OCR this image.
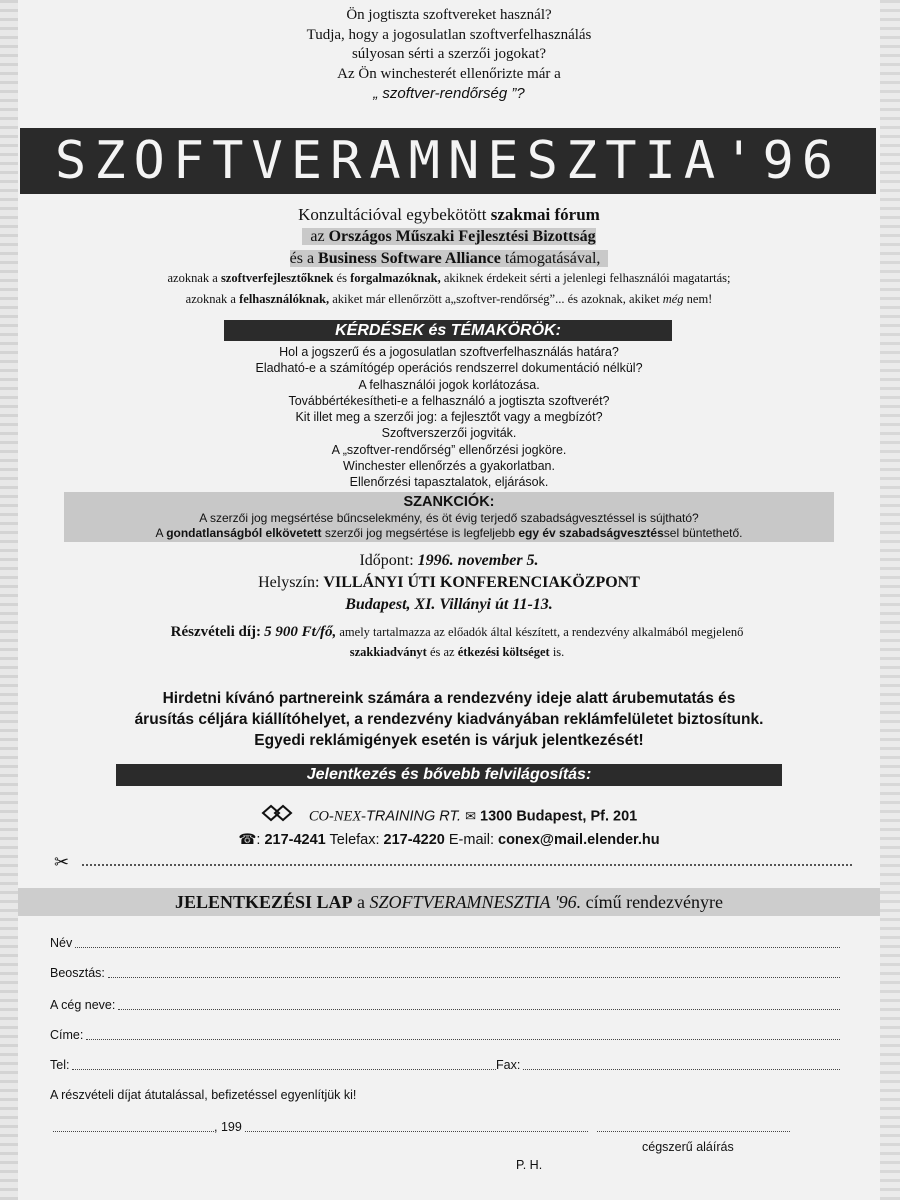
Ön jogtiszta szoftvereket használ?
Tudja, hogy a jogosulatlan szoftverfelhasználás
súlyosan sérti a szerzői jogokat?
Az Ön winchesterét ellenőrizte már a
„ szoftver-rendőrség ”?
SZOFTVERAMNESZTIA'96
Konzultációval egybekötött szakmai fórum
az Országos Műszaki Fejlesztési Bizottság
és a Business Software Alliance támogatásával,
azoknak a szoftverfejlesztőknek és forgalmazóknak, akiknek érdekeit sérti a jelenlegi felhasználói magatartás;
azoknak a felhasználóknak, akiket már ellenőrzött a„szoftver-rendőrség”... és azoknak, akiket még nem!
KÉRDÉSEK és TÉMAKÖRÖK:
Hol a jogszerű és a jogosulatlan szoftverfelhasználás határa?
Eladható-e a számítógép operációs rendszerrel dokumentáció nélkül?
A felhasználói jogok korlátozása.
Továbbértékesítheti-e a felhasználó a jogtiszta szoftverét?
Kit illet meg a szerzői jog: a fejlesztőt vagy a megbízót?
Szoftverszerzői jogviták.
A „szoftver-rendőrség” ellenőrzési jogköre.
Winchester ellenőrzés a gyakorlatban.
Ellenőrzési tapasztalatok, eljárások.
SZANKCIÓK:
A szerzői jog megsértése bűncselekmény, és öt évig terjedő szabadságvesztéssel is sújtható?
A gondatlanságból elkövetett szerzői jog megsértése is legfeljebb egy év szabadságvesztéssel büntethető.
Időpont: 1996. november 5.
Helyszín: VILLÁNYI ÚTI KONFERENCIAKÖZPONT
Budapest, XI. Villányi út 11-13.
Részvételi díj: 5 900 Ft/fő, amely tartalmazza az előadók által készített, a rendezvény alkalmából megjelenő
szakkiadványt és az étkezési költséget is.
Hirdetni kívánó partnereink számára a rendezvény ideje alatt árubemutatás és
árusítás céljára kiállítóhelyet, a rendezvény kiadványában reklámfelületet biztosítunk.
Egyedi reklámigények esetén is várjuk jelentkezését!
Jelentkezés és bővebb felvilágosítás:
CO-NEX-TRAINING RT. ✉ 1300 Budapest, Pf. 201
☎: 217-4241 Telefax: 217-4220 E-mail: conex@mail.elender.hu
✂
JELENTKEZÉSI LAP a SZOFTVERAMNESZTIA '96. című rendezvényre
Név
Beosztás:
A cég neve:
Címe:
Tel:	Fax:
A részvételi díjat átutalással, befizetéssel egyenlítjük ki!
, 199
cégszerű aláírás
P. H.
